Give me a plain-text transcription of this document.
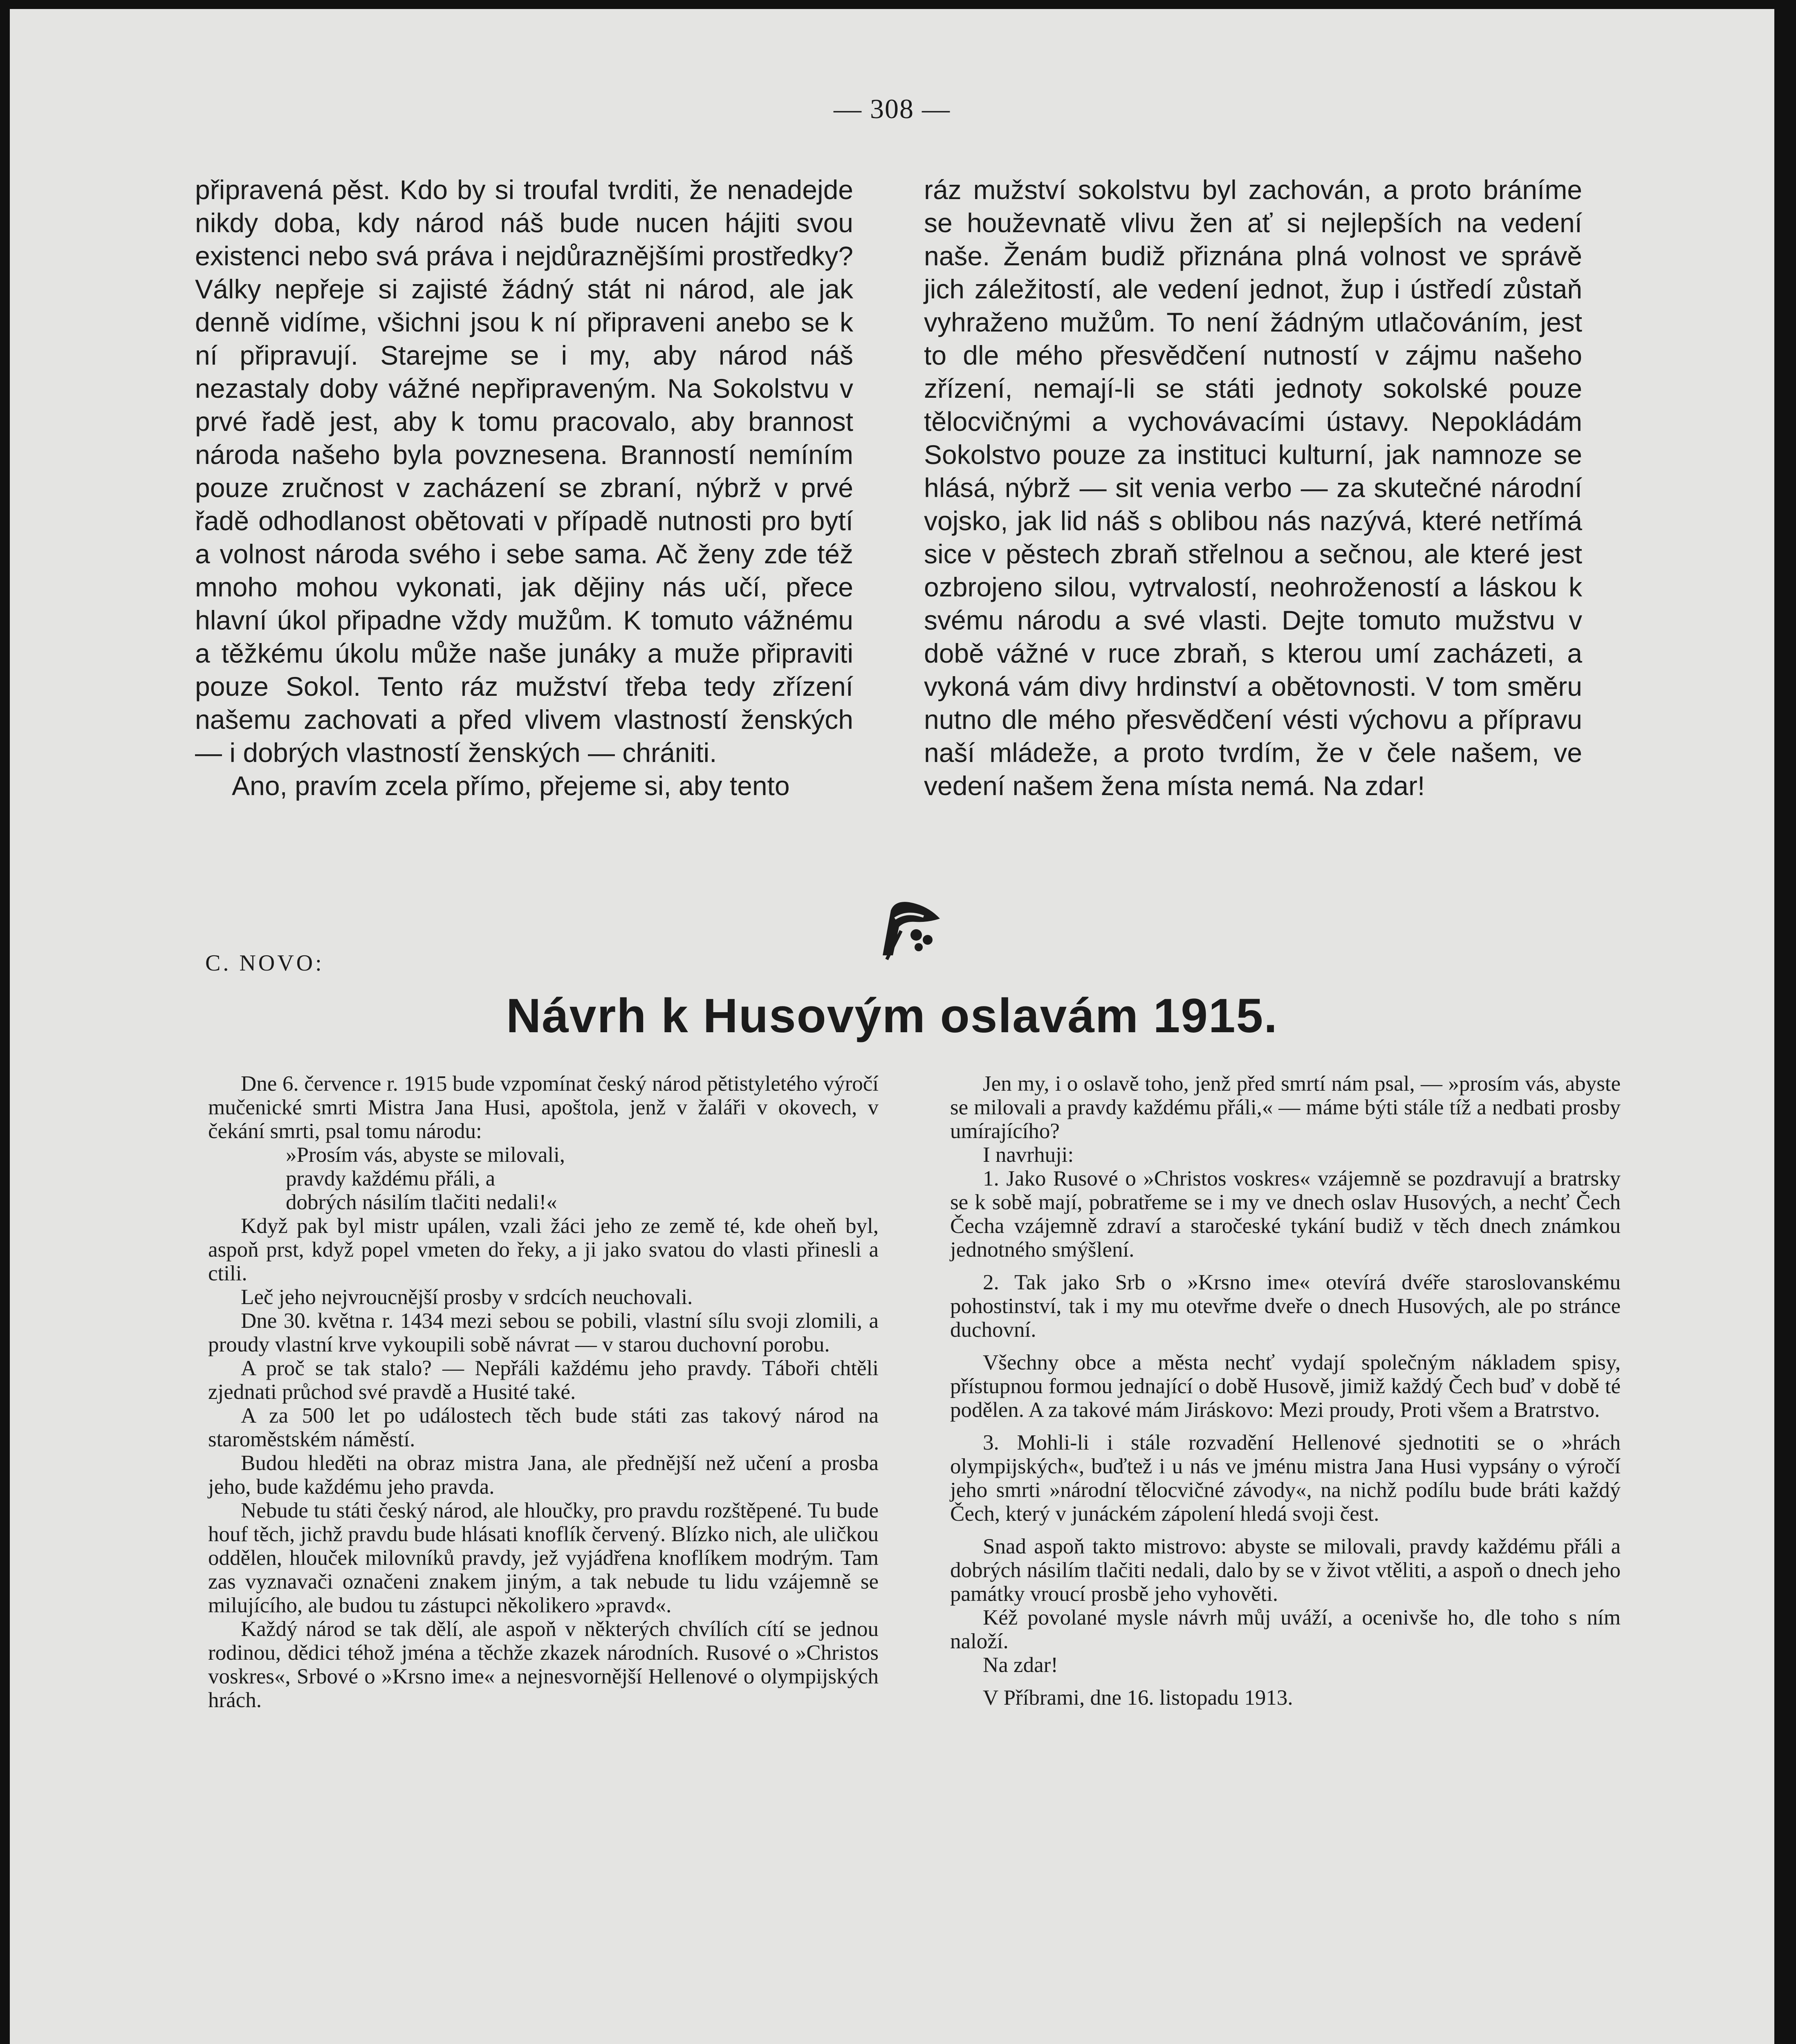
— 308 —

připravená pěst. Kdo by si troufal tvrditi, že nenadejde nikdy doba, kdy národ náš bude nucen hájiti svou existenci nebo svá práva i nejdůraznějšími prostředky? Války nepřeje si zajisté žádný stát ni národ, ale jak denně vidíme, všichni jsou k ní připraveni anebo se k ní připravují. Starejme se i my, aby národ náš nezastaly doby vážné nepřipraveným. Na Sokolstvu v prvé řadě jest, aby k tomu pracovalo, aby brannost národa našeho byla povznesena. Branností nemíním pouze zručnost v zacházení se zbraní, nýbrž v prvé řadě odhodlanost obětovati v případě nutnosti pro bytí a volnost národa svého i sebe sama. Ač ženy zde též mnoho mohou vykonati, jak dějiny nás učí, přece hlavní úkol připadne vždy mužům. K tomuto vážnému a těžkému úkolu může naše junáky a muže připraviti pouze Sokol. Tento ráz mužství třeba tedy zřízení našemu zachovati a před vlivem vlastností ženských — i dobrých vlastností ženských — chrániti.

Ano, pravím zcela přímo, přejeme si, aby tento

ráz mužství sokolstvu byl zachován, a proto bráníme se houževnatě vlivu žen ať si nejlepších na vedení naše. Ženám budiž přiznána plná volnost ve správě jich záležitostí, ale vedení jednot, žup i ústředí zůstaň vyhraženo mužům. To není žádným utlačováním, jest to dle mého přesvědčení nutností v zájmu našeho zřízení, nemají-li se státi jednoty sokolské pouze tělocvičnými a vychovávacími ústavy. Nepokládám Sokolstvo pouze za instituci kulturní, jak namnoze se hlásá, nýbrž — sit venia verbo — za skutečné národní vojsko, jak lid náš s oblibou nás nazývá, které netřímá sice v pěstech zbraň střelnou a sečnou, ale které jest ozbrojeno silou, vytrvalostí, neohrožeností a láskou k svému národu a své vlasti. Dejte tomuto mužstvu v době vážné v ruce zbraň, s kterou umí zacházeti, a vykoná vám divy hrdinství a obětovnosti. V tom směru nutno dle mého přesvědčení vésti výchovu a přípravu naší mládeže, a proto tvrdím, že v čele našem, ve vedení našem žena místa nemá. Na zdar!

C. NOVO:
Návrh k Husovým oslavám 1915.

Dne 6. července r. 1915 bude vzpomínat český národ pětistyletého výročí mučenické smrti Mistra Jana Husi, apoštola, jenž v žaláři v okovech, v čekání smrti, psal tomu národu:

»Prosím vás, abyste se milovali,

pravdy každému přáli, a

dobrých násilím tlačiti nedali!«

Když pak byl mistr upálen, vzali žáci jeho ze země té, kde oheň byl, aspoň prst, když popel vmeten do řeky, a ji jako svatou do vlasti přinesli a ctili.

Leč jeho nejvroucnější prosby v srdcích neuchovali.

Dne 30. května r. 1434 mezi sebou se pobili, vlastní sílu svoji zlomili, a proudy vlastní krve vykoupili sobě návrat — v starou duchovní porobu.

A proč se tak stalo? — Nepřáli každému jeho pravdy. Táboři chtěli zjednati průchod své pravdě a Husité také.

A za 500 let po událostech těch bude státi zas takový národ na staroměstském náměstí.

Budou hleděti na obraz mistra Jana, ale přednější než učení a prosba jeho, bude každému jeho pravda.

Nebude tu státi český národ, ale hloučky, pro pravdu rozštěpené. Tu bude houf těch, jichž pravdu bude hlásati knoflík červený. Blízko nich, ale uličkou oddělen, hlouček milovníků pravdy, jež vyjádřena knoflíkem modrým. Tam zas vyznavači označeni znakem jiným, a tak nebude tu lidu vzájemně se milujícího, ale budou tu zástupci několikero »pravd«.

Každý národ se tak dělí, ale aspoň v některých chvílích cítí se jednou rodinou, dědici téhož jména a těchže zkazek národních. Rusové o »Christos voskres«, Srbové o »Krsno ime« a nejnesvornější Hellenové o olympijských hrách.

Jen my, i o oslavě toho, jenž před smrtí nám psal, — »prosím vás, abyste se milovali a pravdy každému přáli,« — máme býti stále tíž a nedbati prosby umírajícího?

I navrhuji:

1. Jako Rusové o »Christos voskres« vzájemně se pozdravují a bratrsky se k sobě mají, pobratřeme se i my ve dnech oslav Husových, a nechť Čech Čecha vzájemně zdraví a staročeské tykání budiž v těch dnech známkou jednotného smýšlení.

2. Tak jako Srb o »Krsno ime« otevírá dvéře staroslovanskému pohostinství, tak i my mu otevřme dveře o dnech Husových, ale po stránce duchovní.

Všechny obce a města nechť vydají společným nákladem spisy, přístupnou formou jednající o době Husově, jimiž každý Čech buď v době té podělen. A za takové mám Jiráskovo: Mezi proudy, Proti všem a Bratrstvo.

3. Mohli-li i stále rozvadění Hellenové sjednotiti se o »hrách olympijských«, buďtež i u nás ve jménu mistra Jana Husi vypsány o výročí jeho smrti »národní tělocvičné závody«, na nichž podílu bude bráti každý Čech, který v junáckém zápolení hledá svoji čest.

Snad aspoň takto mistrovo: abyste se milovali, pravdy každému přáli a dobrých násilím tlačiti nedali, dalo by se v život vtěliti, a aspoň o dnech jeho památky vroucí prosbě jeho vyhověti.

Kéž povolané mysle návrh můj uváží, a ocenivše ho, dle toho s ním naloží.

Na zdar!

V Příbrami, dne 16. listopadu 1913.
